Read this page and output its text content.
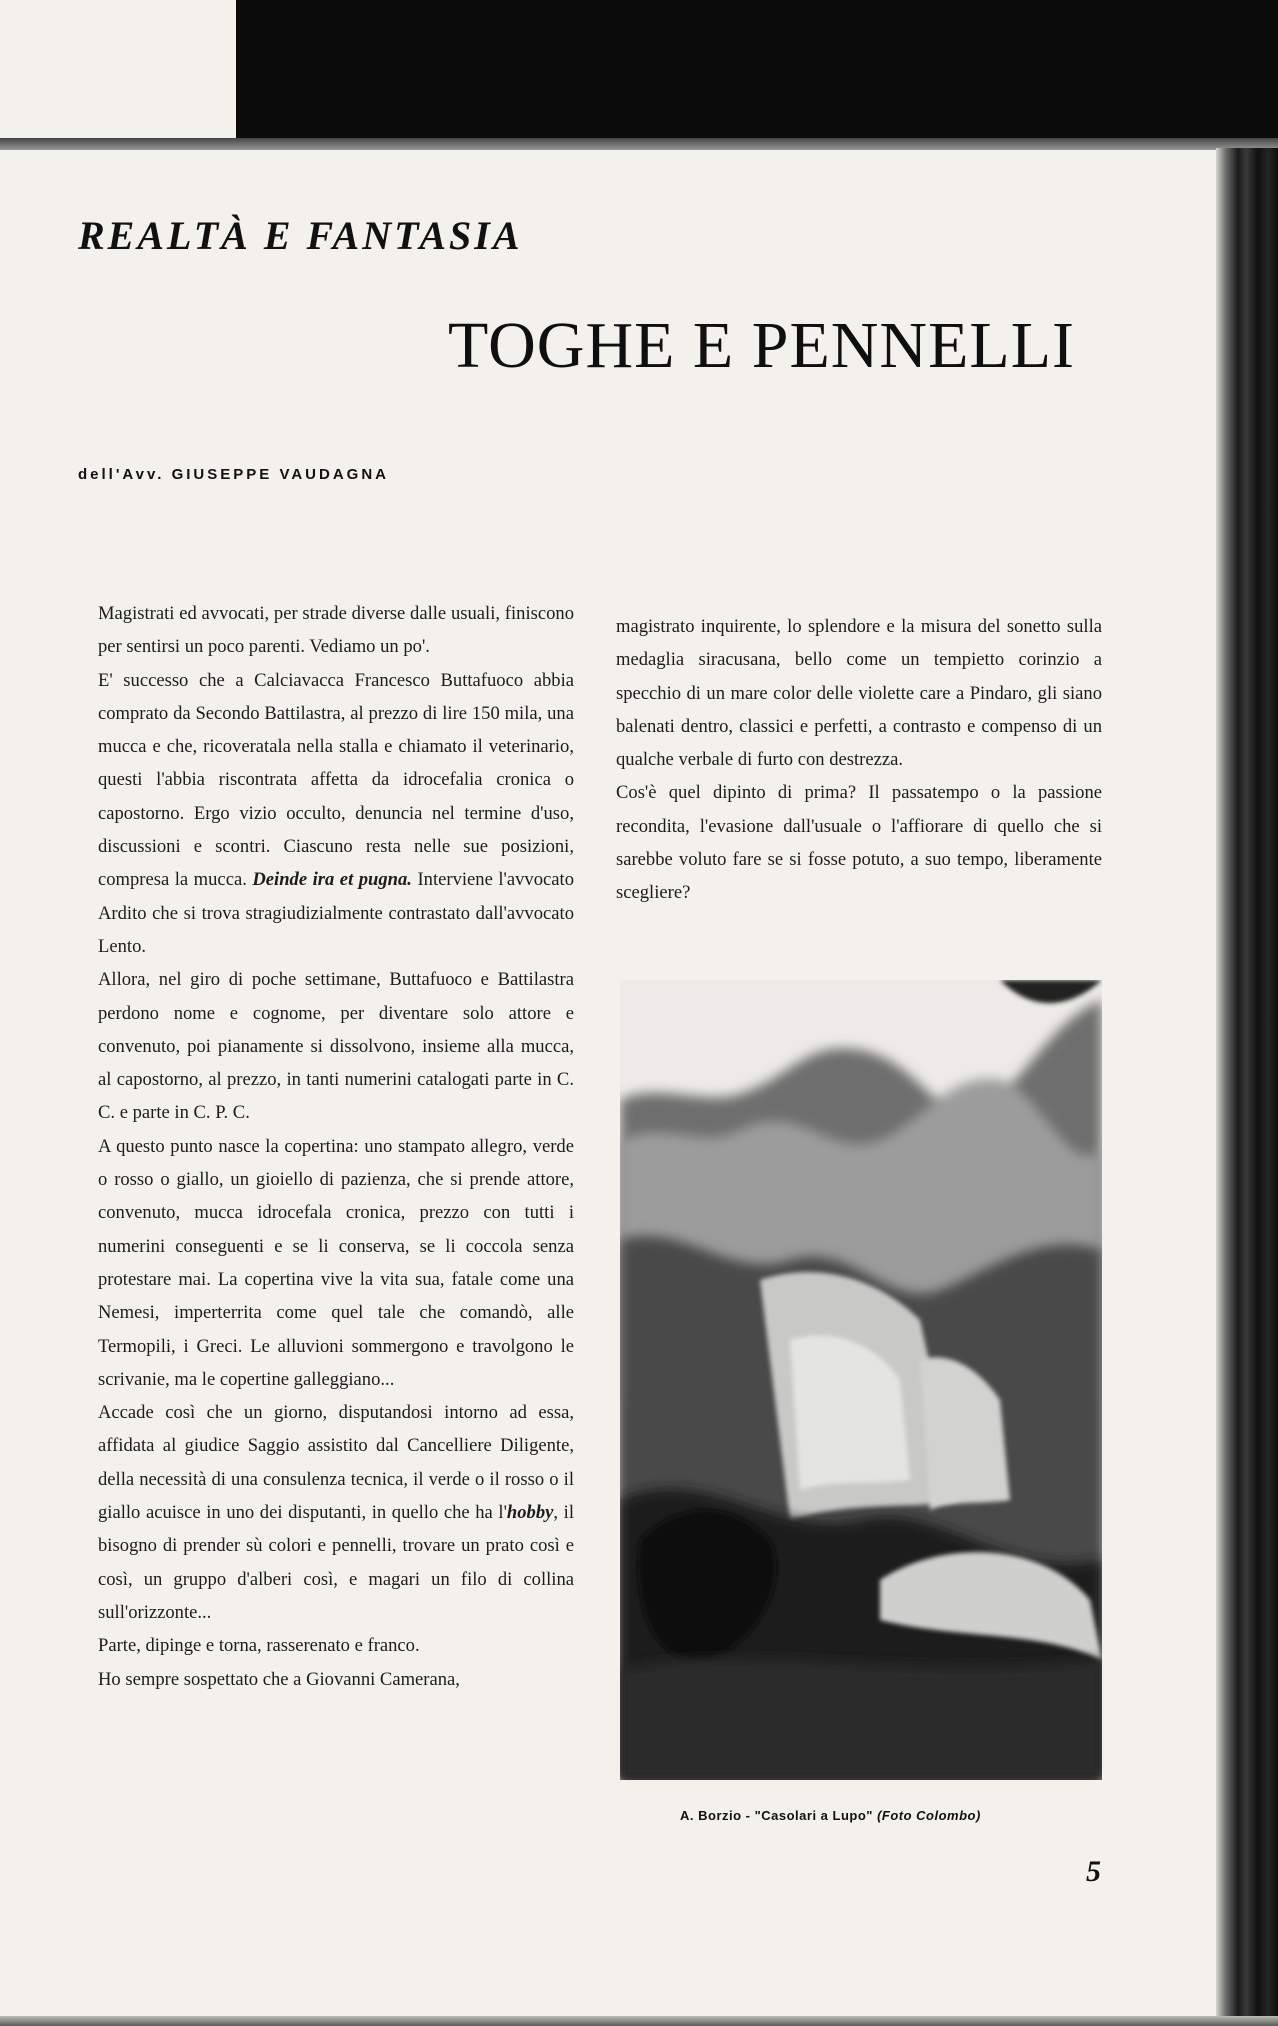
REALTÀ E FANTASIA
TOGHE E PENNELLI
dell'Avv. GIUSEPPE VAUDAGNA

Magistrati ed avvocati, per strade diverse dalle usuali, finiscono per sentirsi un poco parenti. Vediamo un po'.

E' successo che a Calciavacca Francesco Buttafuoco abbia comprato da Secondo Battilastra, al prezzo di lire 150 mila, una mucca e che, ricoveratala nella stalla e chiamato il veterinario, questi l'abbia riscontrata affetta da idrocefalia cronica o capostorno. Ergo vizio occulto, denuncia nel termine d'uso, discussioni e scontri. Ciascuno resta nelle sue posizioni, compresa la mucca. Deinde ira et pugna. Interviene l'avvocato Ardito che si trova stragiudizialmente contrastato dall'avvocato Lento.

Allora, nel giro di poche settimane, Buttafuoco e Battilastra perdono nome e cognome, per diventare solo attore e convenuto, poi pianamente si dissolvono, insieme alla mucca, al capostorno, al prezzo, in tanti numerini catalogati parte in C. C. e parte in C. P. C.

A questo punto nasce la copertina: uno stampato allegro, verde o rosso o giallo, un gioiello di pazienza, che si prende attore, convenuto, mucca idrocefala cronica, prezzo con tutti i numerini conseguenti e se li conserva, se li coccola senza protestare mai. La copertina vive la vita sua, fatale come una Nemesi, imperterrita come quel tale che comandò, alle Termopili, i Greci. Le alluvioni sommergono e travolgono le scrivanie, ma le copertine galleggiano...

Accade così che un giorno, disputandosi intorno ad essa, affidata al giudice Saggio assistito dal Cancelliere Diligente, della necessità di una consulenza tecnica, il verde o il rosso o il giallo acuisce in uno dei disputanti, in quello che ha l'hobby, il bisogno di prender sù colori e pennelli, trovare un prato così e così, un gruppo d'alberi così, e magari un filo di collina sull'orizzonte...

Parte, dipinge e torna, rasserenato e franco.

Ho sempre sospettato che a Giovanni Camerana,

magistrato inquirente, lo splendore e la misura del sonetto sulla medaglia siracusana, bello come un tempietto corinzio a specchio di un mare color delle violette care a Pindaro, gli siano balenati dentro, classici e perfetti, a contrasto e compenso di un qualche verbale di furto con destrezza.

Cos'è quel dipinto di prima? Il passatempo o la passione recondita, l'evasione dall'usuale o l'affiorare di quello che si sarebbe voluto fare se si fosse potuto, a suo tempo, liberamente scegliere?

A. Borzio - "Casolari a Lupo" (Foto Colombo)
5
